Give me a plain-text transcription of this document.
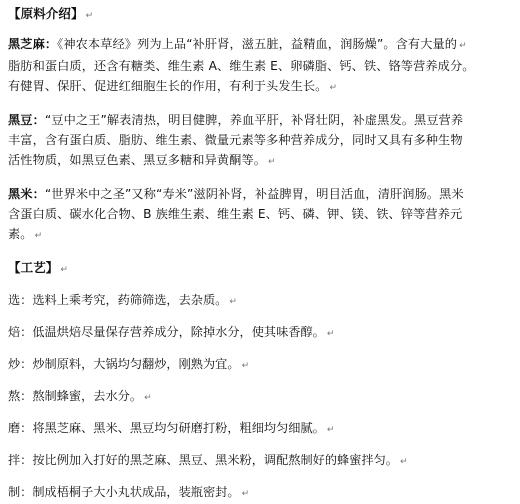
【原料介绍】 ↵
黑芝麻：《神农本草经》列为上品“补肝肾，滋五脏，益精血，润肠燥”。含有大量的 ↵
脂肪和蛋白质，还含有糖类、维生素 A、维生素 E、卵磷脂、钙、铁、铬等营养成分。
有健胃、保肝、促进红细胞生长的作用，有利于头发生长。 ↵
黑豆：“豆中之王”解表清热，明目健脾，养血平肝，补肾壮阴，补虚黑发。黑豆营养
丰富，含有蛋白质、脂肪、维生素、微量元素等多种营养成分，同时又具有多种生物
活性物质，如黑豆色素、黑豆多糖和异黄酮等。 ↵
黑米：“世界米中之圣”又称“寿米”滋阴补肾，补益脾胃，明目活血，清肝润肠。黑米
含蛋白质、碳水化合物、B 族维生素、维生素 E、钙、磷、钾、镁、铁、锌等营养元
素。 ↵
【工艺】 ↵
选：选料上乘考究，药筛筛选，去杂质。 ↵
焙：低温烘焙尽量保存营养成分，除掉水分，使其味香醇。 ↵
炒：炒制原料，大锅均匀翻炒，刚熟为宜。 ↵
熬：熬制蜂蜜，去水分。 ↵
磨：将黑芝麻、黑米、黑豆均匀研磨打粉，粗细均匀细腻。 ↵
拌：按比例加入打好的黑芝麻、黑豆、黑米粉，调配熬制好的蜂蜜拌匀。 ↵
制：制成梧桐子大小丸状成品，装瓶密封。 ↵
